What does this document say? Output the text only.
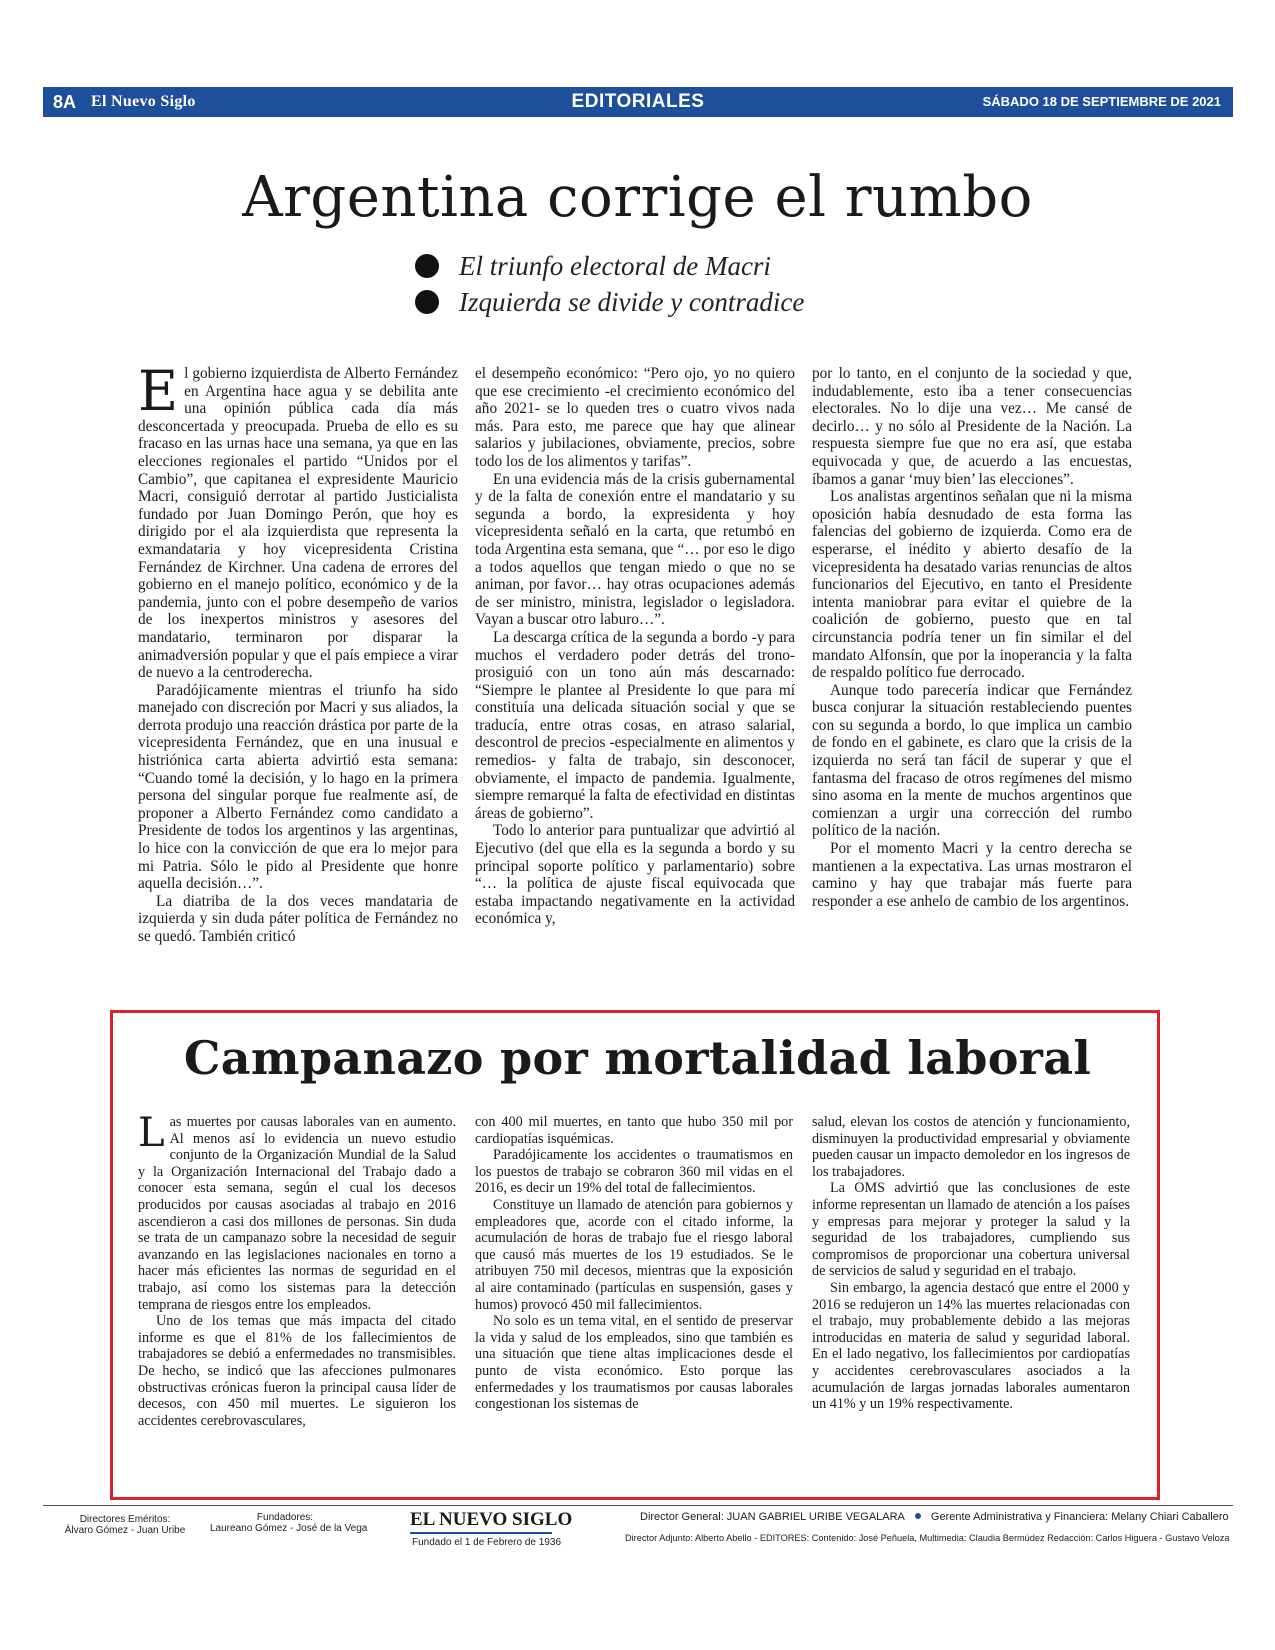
8A El Nuevo Siglo	EDITORIALES	SÁBADO 18 DE SEPTIEMBRE DE 2021
Argentina corrige el rumbo
El triunfo electoral de Macri
Izquierda se divide y contradice

El gobierno izquierdista de Alberto Fernández en Argentina hace agua y se debilita ante una opinión pública cada día más desconcertada y preocupada. Prueba de ello es su fracaso en las urnas hace una semana, ya que en las elecciones regionales el partido “Unidos por el Cambio”, que capitanea el expresidente Mauricio Macri, consiguió derrotar al partido Justicialista fundado por Juan Domingo Perón, que hoy es dirigido por el ala izquierdista que representa la exmandataria y hoy vicepresidenta Cristina Fernández de Kirchner. Una cadena de errores del gobierno en el manejo político, económico y de la pandemia, junto con el pobre desempeño de varios de los inexpertos ministros y asesores del mandatario, terminaron por disparar la animadversión popular y que el país empiece a virar de nuevo a la centroderecha.

Paradójicamente mientras el triunfo ha sido manejado con discreción por Macri y sus aliados, la derrota produjo una reacción drástica por parte de la vicepresidenta Fernández, que en una inusual e histriónica carta abierta advirtió esta semana: “Cuando tomé la decisión, y lo hago en la primera persona del singular porque fue realmente así, de proponer a Alberto Fernández como candidato a Presidente de todos los argentinos y las argentinas, lo hice con la convicción de que era lo mejor para mi Patria. Sólo le pido al Presidente que honre aquella decisión…”.

La diatriba de la dos veces mandataria de izquierda y sin duda páter política de Fernández no se quedó. También criticó

el desempeño económico: “Pero ojo, yo no quiero que ese crecimiento -el crecimiento económico del año 2021- se lo queden tres o cuatro vivos nada más. Para esto, me parece que hay que alinear salarios y jubilaciones, obviamente, precios, sobre todo los de los alimentos y tarifas”.

En una evidencia más de la crisis gubernamental y de la falta de conexión entre el mandatario y su segunda a bordo, la expresidenta y hoy vicepresidenta señaló en la carta, que retumbó en toda Argentina esta semana, que “… por eso le digo a todos aquellos que tengan miedo o que no se animan, por favor… hay otras ocupaciones además de ser ministro, ministra, legislador o legisladora. Vayan a buscar otro laburo…”.

La descarga crítica de la segunda a bordo -y para muchos el verdadero poder detrás del trono- prosiguió con un tono aún más descarnado: “Siempre le plantee al Presidente lo que para mí constituía una delicada situación social y que se traducía, entre otras cosas, en atraso salarial, descontrol de precios -especialmente en alimentos y remedios- y falta de trabajo, sin desconocer, obviamente, el impacto de pandemia. Igualmente, siempre remarqué la falta de efectividad en distintas áreas de gobierno”.

Todo lo anterior para puntualizar que advirtió al Ejecutivo (del que ella es la segunda a bordo y su principal soporte político y parlamentario) sobre “… la política de ajuste fiscal equivocada que estaba impactando negativamente en la actividad económica y,

por lo tanto, en el conjunto de la sociedad y que, indudablemente, esto iba a tener consecuencias electorales. No lo dije una vez… Me cansé de decirlo… y no sólo al Presidente de la Nación. La respuesta siempre fue que no era así, que estaba equivocada y que, de acuerdo a las encuestas, íbamos a ganar ‘muy bien’ las elecciones”.

Los analistas argentinos señalan que ni la misma oposición había desnudado de esta forma las falencias del gobierno de izquierda. Como era de esperarse, el inédito y abierto desafío de la vicepresidenta ha desatado varias renuncias de altos funcionarios del Ejecutivo, en tanto el Presidente intenta maniobrar para evitar el quiebre de la coalición de gobierno, puesto que en tal circunstancia podría tener un fin similar el del mandato Alfonsín, que por la inoperancia y la falta de respaldo político fue derrocado.

Aunque todo parecería indicar que Fernández busca conjurar la situación restableciendo puentes con su segunda a bordo, lo que implica un cambio de fondo en el gabinete, es claro que la crisis de la izquierda no será tan fácil de superar y que el fantasma del fracaso de otros regímenes del mismo sino asoma en la mente de muchos argentinos que comienzan a urgir una corrección del rumbo político de la nación.

Por el momento Macri y la centro derecha se mantienen a la expectativa. Las urnas mostraron el camino y hay que trabajar más fuerte para responder a ese anhelo de cambio de los argentinos.

Campanazo por mortalidad laboral

Las muertes por causas laborales van en aumento. Al menos así lo evidencia un nuevo estudio conjunto de la Organización Mundial de la Salud y la Organización Internacional del Trabajo dado a conocer esta semana, según el cual los decesos producidos por causas asociadas al trabajo en 2016 ascendieron a casi dos millones de personas. Sin duda se trata de un campanazo sobre la necesidad de seguir avanzando en las legislaciones nacionales en torno a hacer más eficientes las normas de seguridad en el trabajo, así como los sistemas para la detección temprana de riesgos entre los empleados.

Uno de los temas que más impacta del citado informe es que el 81% de los fallecimientos de trabajadores se debió a enfermedades no transmisibles. De hecho, se indicó que las afecciones pulmonares obstructivas crónicas fueron la principal causa líder de decesos, con 450 mil muertes. Le siguieron los accidentes cerebrovasculares,

con 400 mil muertes, en tanto que hubo 350 mil por cardiopatías isquémicas.

Paradójicamente los accidentes o traumatismos en los puestos de trabajo se cobraron 360 mil vidas en el 2016, es decir un 19% del total de fallecimientos.

Constituye un llamado de atención para gobiernos y empleadores que, acorde con el citado informe, la acumulación de horas de trabajo fue el riesgo laboral que causó más muertes de los 19 estudiados. Se le atribuyen 750 mil decesos, mientras que la exposición al aire contaminado (partículas en suspensión, gases y humos) provocó 450 mil fallecimientos.

No solo es un tema vital, en el sentido de preservar la vida y salud de los empleados, sino que también es una situación que tiene altas implicaciones desde el punto de vista económico. Esto porque las enfermedades y los traumatismos por causas laborales congestionan los sistemas de

salud, elevan los costos de atención y funcionamiento, disminuyen la productividad empresarial y obviamente pueden causar un impacto demoledor en los ingresos de los trabajadores.

La OMS advirtió que las conclusiones de este informe representan un llamado de atención a los países y empresas para mejorar y proteger la salud y la seguridad de los trabajadores, cumpliendo sus compromisos de proporcionar una cobertura universal de servicios de salud y seguridad en el trabajo.

Sin embargo, la agencia destacó que entre el 2000 y 2016 se redujeron un 14% las muertes relacionadas con el trabajo, muy probablemente debido a las mejoras introducidas en materia de salud y seguridad laboral. En el lado negativo, los fallecimientos por cardiopatías y accidentes cerebrovasculares asociados a la acumulación de largas jornadas laborales aumentaron un 41% y un 19% respectivamente.

Directores Eméritos:
Álvaro Gómez - Juan Uribe
Fundadores:
Laureano Gómez - José de la Vega EL NUEVO SIGLO
Fundado el 1 de Febrero de 1936
Director General: JUAN GABRIEL URIBE VEGALARA Gerente Administrativa y Financiera: Melany Chiari Caballero
Director Adjunto: Alberto Abello - EDITORES: Contenido: José Peñuela, Multimedia: Claudia Bermúdez Redacción: Carlos Higuera - Gustavo Veloza
